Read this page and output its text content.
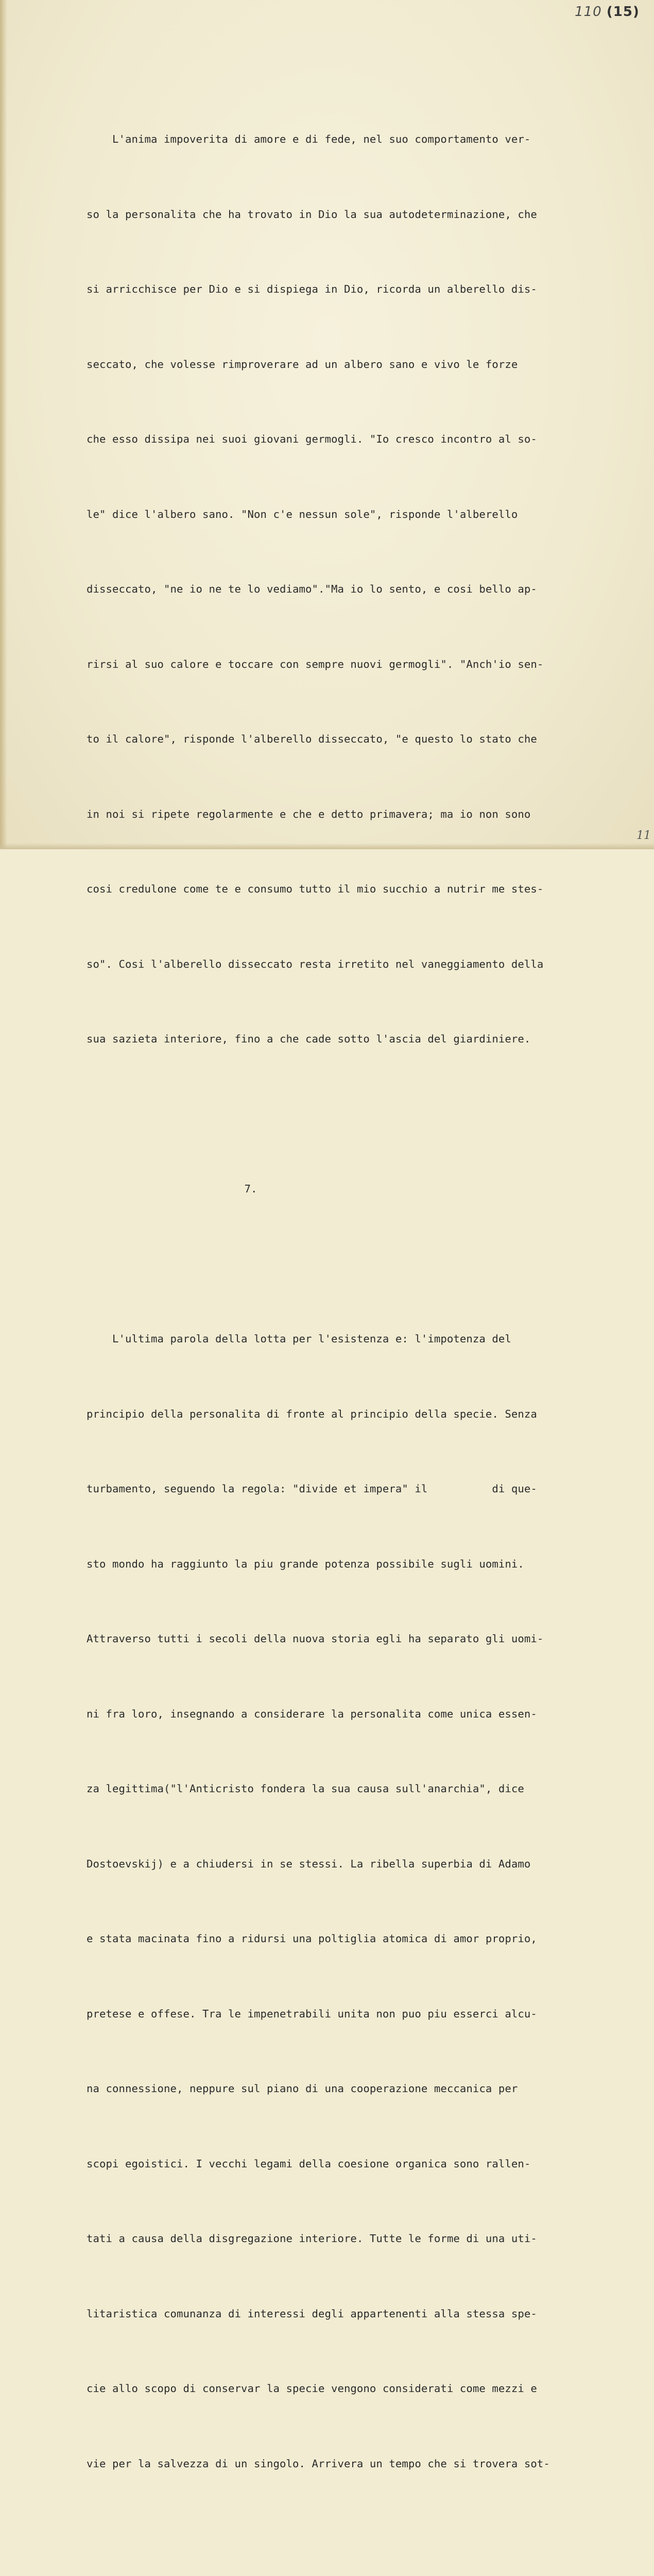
110 (15)

L'anima impoverita di amore e di fede, nel suo comportamento ver-

so la personalita che ha trovato in Dio la sua autodeterminazione, che

si arricchisce per Dio e si dispiega in Dio, ricorda un alberello dis-

seccato, che volesse rimproverare ad un albero sano e vivo le forze

che esso dissipa nei suoi giovani germogli. "Io cresco incontro al so-

le" dice l'albero sano. "Non c'e nessun sole", risponde l'alberello

disseccato, "ne io ne te lo vediamo"."Ma io lo sento, e cosi bello ap-

rirsi al suo calore e toccare con sempre nuovi germogli". "Anch'io sen-

to il calore", risponde l'alberello disseccato, "e questo lo stato che

in noi si ripete regolarmente e che e detto primavera; ma io non sono

cosi credulone come te e consumo tutto il mio succhio a nutrir me stes-

so". Cosi l'alberello disseccato resta irretito nel vaneggiamento della

sua sazieta interiore, fino a che cade sotto l'ascia del giardiniere.

7.

L'ultima parola della lotta per l'esistenza e: l'impotenza del

principio della personalita di fronte al principio della specie. Senza

turbamento, seguendo la regola: "divide et impera" il          di que-

sto mondo ha raggiunto la piu grande potenza possibile sugli uomini.

Attraverso tutti i secoli della nuova storia egli ha separato gli uomi-

ni fra loro, insegnando a considerare la personalita come unica essen-

za legittima("l'Anticristo fondera la sua causa sull'anarchia", dice

Dostoevskij) e a chiudersi in se stessi. La ribella superbia di Adamo

e stata macinata fino a ridursi una poltiglia atomica di amor proprio,

pretese e offese. Tra le impenetrabili unita non puo piu esserci alcu-

na connessione, neppure sul piano di una cooperazione meccanica per

scopi egoistici. I vecchi legami della coesione organica sono rallen-

tati a causa della disgregazione interiore. Tutte le forme di una uti-

litaristica comunanza di interessi degli appartenenti alla stessa spe-

cie allo scopo di conservar la specie vengono considerati come mezzi e

vie per la salvezza di un singolo. Arrivera un tempo che si trovera sot-

11
